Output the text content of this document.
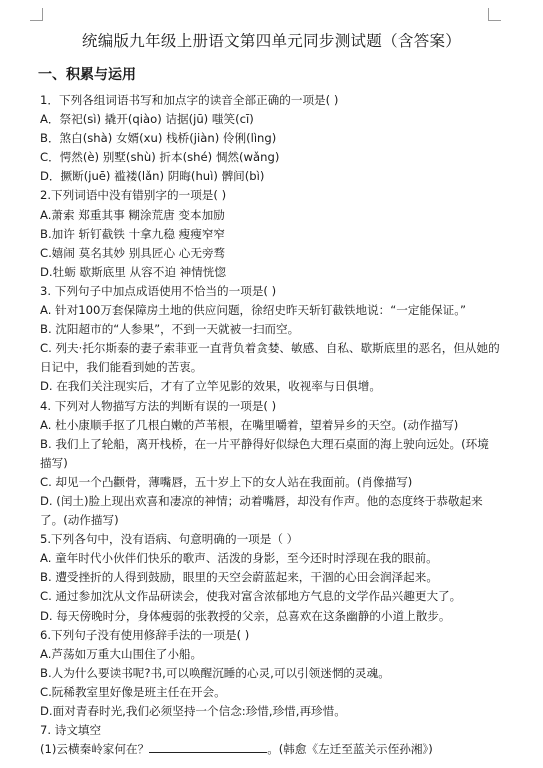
统编版九年级上册语文第四单元同步测试题（含答案）
一、积累与运用
1．下列各组词语书写和加点字的读音全部正确的一项是( )
A．祭祀(sì) 撬开(qiào) 诘据(jū) 嗤笑(cī)
B．煞白(shà) 女婿(xu) 栈桥(jiàn) 伶俐(lìng)
C．愕然(è) 别墅(shù) 折本(shé) 惆然(wǎng)
D．撅断(juē) 褴褛(lǎn) 阴晦(huì) 髀间(bì)
2.下列词语中没有错别字的一项是( )
A.萧索 郑重其事 糊涂荒唐 变本加励
B.加许 斩钉截铁 十拿九稳 瘦瘦窄窄
C.嬉闹 莫名其妙 别具匠心 心无旁骛
D.牡蛎 歇斯底里 从容不迫 神情恍惚
3. 下列句子中加点成语使用不恰当的一项是( )
A. 针对100万套保障房土地的供应问题，徐绍史昨天斩钉截铁地说：“一定能保证。”
B. 沈阳超市的“人参果”，不到一天就被一扫而空。
C. 列夫·托尔斯泰的妻子索菲亚一直背负着贪婪、敏感、自私、歇斯底里的恶名，但从她的日记中，我们能看到她的苦衷。
D. 在我们关注现实后，才有了立竿见影的效果，收视率与日俱增。
4. 下列对人物描写方法的判断有误的一项是( )
A. 杜小康顺手抠了几根白嫩的芦苇根，在嘴里嚼着，望着异乡的天空。(动作描写)
B. 我们上了轮船，离开栈桥，在一片平静得好似绿色大理石桌面的海上驶向远处。(环境描写)
C. 却见一个凸颧骨，薄嘴唇，五十岁上下的女人站在我面前。(肖像描写)
D. (闰土)脸上现出欢喜和凄凉的神情；动着嘴唇，却没有作声。他的态度终于恭敬起来了。(动作描写)
5.下列各句中，没有语病、句意明确的一项是（ ）
A. 童年时代小伙伴们快乐的歌声、活泼的身影，至今还时时浮现在我的眼前。
B. 遭受挫折的人得到鼓励，眼里的天空会蔚蓝起来，干涸的心田会润泽起来。
C. 通过参加沈从文作品研读会，使我对富含浓郁地方气息的文学作品兴趣更大了。
D. 每天傍晚时分，身体瘦弱的张教授的父亲，总喜欢在这条幽静的小道上散步。
6.下列句子没有使用修辞手法的一项是( )
A.芦荡如万重大山围住了小船。
B.人为什么要读书呢?书,可以唤醒沉睡的心灵,可以引领迷惘的灵魂。
C.阮稀教室里好像是班主任在开会。
D.面对青春时光,我们必须坚持一个信念:珍惜,珍惜,再珍惜。
7. 诗文填空
(1)云横秦岭家何在？	。(韩愈《左迁至蓝关示侄孙湘》)
